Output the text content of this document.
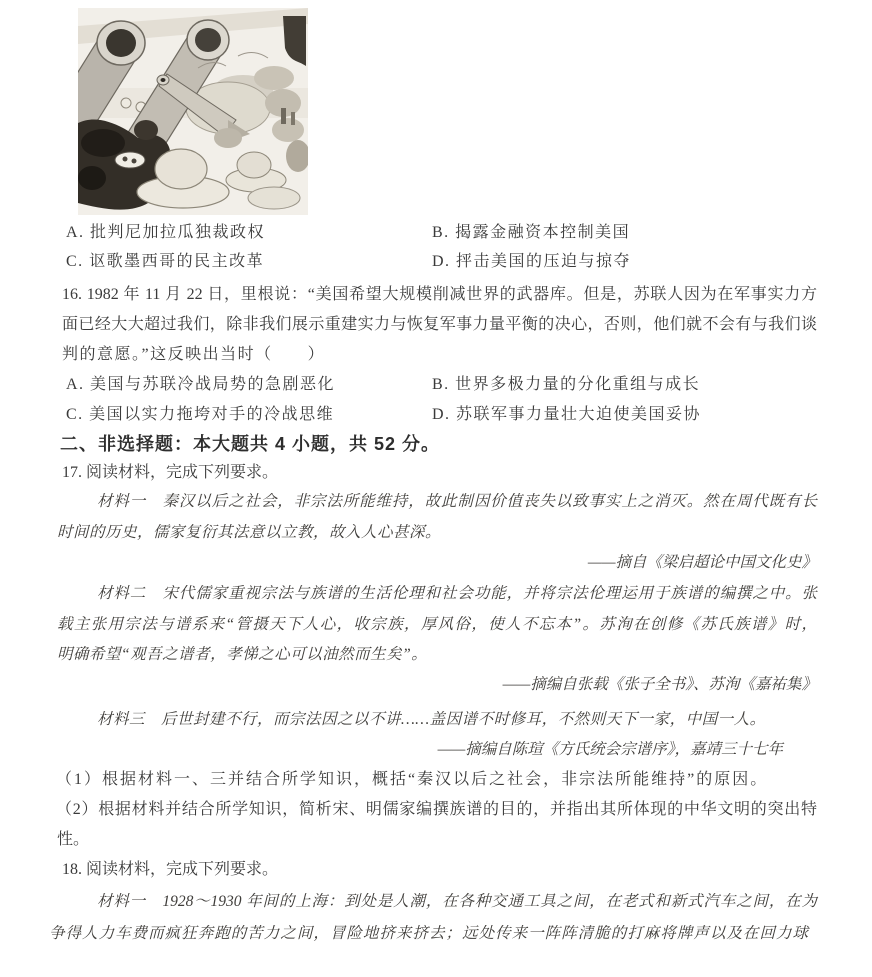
A. 批判尼加拉瓜独裁政权	B. 揭露金融资本控制美国
C. 讴歌墨西哥的民主改革	D. 抨击美国的压迫与掠夺
16. 1982 年 11 月 22 日，里根说：“美国希望大规模削减世界的武器库。但是，苏联人因为在军事实力方
面已经大大超过我们，除非我们展示重建实力与恢复军事力量平衡的决心，否则，他们就不会有与我们谈
判的意愿。”这反映出当时（　　）
A. 美国与苏联冷战局势的急剧恶化	B. 世界多极力量的分化重组与成长
C. 美国以实力拖垮对手的冷战思维	D. 苏联军事力量壮大迫使美国妥协
二、非选择题：本大题共 4 小题，共 52 分。
17. 阅读材料，完成下列要求。
材料一　秦汉以后之社会，非宗法所能维持，故此制因价值丧失以致事实上之消灭。然在周代既有长
时间的历史，儒家复衍其法意以立教，故入人心甚深。
——摘自《梁启超论中国文化史》
材料二　宋代儒家重视宗法与族谱的生活伦理和社会功能，并将宗法伦理运用于族谱的编撰之中。张
载主张用宗法与谱系来“管摄天下人心，收宗族，厚风俗，使人不忘本”。苏洵在创修《苏氏族谱》时，
明确希望“观吾之谱者，孝悌之心可以油然而生矣”。
——摘编自张载《张子全书》、苏洵《嘉祐集》
材料三　后世封建不行，而宗法因之以不讲……盖因谱不时修耳，不然则天下一家，中国一人。
——摘编自陈瑄《方氏统会宗谱序》，嘉靖三十七年
（1）根据材料一、三并结合所学知识，概括“秦汉以后之社会，非宗法所能维持”的原因。
（2）根据材料并结合所学知识，简析宋、明儒家编撰族谱的目的，并指出其所体现的中华文明的突出特
性。
18. 阅读材料，完成下列要求。
材料一　1928～1930 年间的上海：到处是人潮，在各种交通工具之间，在老式和新式汽车之间，在为
争得人力车费而疯狂奔跑的苦力之间，冒险地挤来挤去；远处传来一阵阵清脆的打麻将牌声以及在回力球
